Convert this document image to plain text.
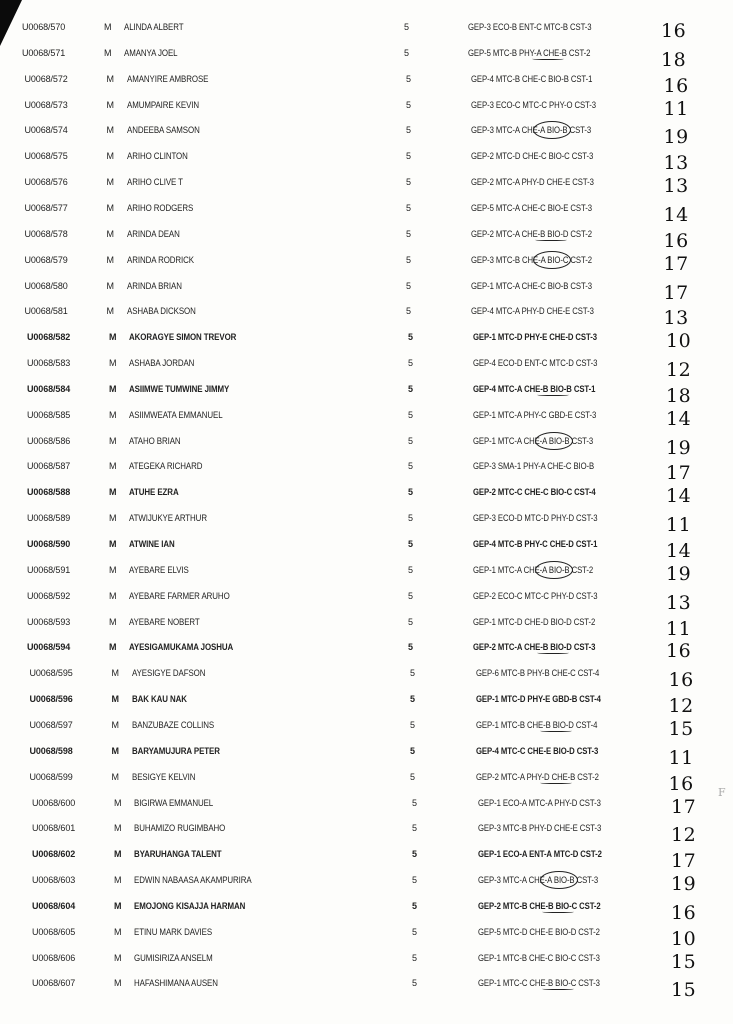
U0068/570	M	ALINDA ALBERT	5	GEP-3 ECO-B ENT-C MTC-B CST-3	16
U0068/571	M	AMANYA JOEL	5	GEP-5 MTC-B PHY-A CHE-B CST-2	18
U0068/572	M	AMANYIRE AMBROSE	5	GEP-4 MTC-B CHE-C BIO-B CST-1	16
U0068/573	M	AMUMPAIRE KEVIN	5	GEP-3 ECO-C MTC-C PHY-O CST-3	11
U0068/574	M	ANDEEBA SAMSON	5	GEP-3 MTC-A CHE-A BIO-B CST-3	19
U0068/575	M	ARIHO CLINTON	5	GEP-2 MTC-D CHE-C BIO-C CST-3	13
U0068/576	M	ARIHO CLIVE T	5	GEP-2 MTC-A PHY-D CHE-E CST-3	13
U0068/577	M	ARIHO RODGERS	5	GEP-5 MTC-A CHE-C BIO-E CST-3	14
U0068/578	M	ARINDA DEAN	5	GEP-2 MTC-A CHE-B BIO-D CST-2	16
U0068/579	M	ARINDA RODRICK	5	GEP-3 MTC-B CHE-A BIO-C CST-2	17
U0068/580	M	ARINDA BRIAN	5	GEP-1 MTC-A CHE-C BIO-B CST-3	17
U0068/581	M	ASHABA DICKSON	5	GEP-4 MTC-A PHY-D CHE-E CST-3	13
U0068/582	M	AKORAGYE SIMON TREVOR	5	GEP-1 MTC-D PHY-E CHE-D CST-3	10
U0068/583	M	ASHABA JORDAN	5	GEP-4 ECO-D ENT-C MTC-D CST-3	12
U0068/584	M	ASIIMWE TUMWINE JIMMY	5	GEP-4 MTC-A CHE-B BIO-B CST-1	18
U0068/585	M	ASIIMWEATA EMMANUEL	5	GEP-1 MTC-A PHY-C GBD-E CST-3	14
U0068/586	M	ATAHO BRIAN	5	GEP-1 MTC-A CHE-A BIO-B CST-3	19
U0068/587	M	ATEGEKA RICHARD	5	GEP-3 SMA-1 PHY-A CHE-C BIO-B	17
U0068/588	M	ATUHE EZRA	5	GEP-2 MTC-C CHE-C BIO-C CST-4	14
U0068/589	M	ATWIJUKYE ARTHUR	5	GEP-3 ECO-D MTC-D PHY-D CST-3	11
U0068/590	M	ATWINE IAN	5	GEP-4 MTC-B PHY-C CHE-D CST-1	14
U0068/591	M	AYEBARE ELVIS	5	GEP-1 MTC-A CHE-A BIO-B CST-2	19
U0068/592	M	AYEBARE FARMER ARUHO	5	GEP-2 ECO-C MTC-C PHY-D CST-3	13
U0068/593	M	AYEBARE NOBERT	5	GEP-1 MTC-D CHE-D BIO-D CST-2	11
U0068/594	M	AYESIGAMUKAMA JOSHUA	5	GEP-2 MTC-A CHE-B BIO-D CST-3	16
U0068/595	M	AYESIGYE DAFSON	5	GEP-6 MTC-B PHY-B CHE-C CST-4	16
U0068/596	M	BAK KAU NAK	5	GEP-1 MTC-D PHY-E GBD-B CST-4	12
U0068/597	M	BANZUBAZE COLLINS	5	GEP-1 MTC-B CHE-B BIO-D CST-4	15
U0068/598	M	BARYAMUJURA PETER	5	GEP-4 MTC-C CHE-E BIO-D CST-3	11
U0068/599	M	BESIGYE KELVIN	5	GEP-2 MTC-A PHY-D CHE-B CST-2	16
U0068/600	M	BIGIRWA EMMANUEL	5	GEP-1 ECO-A MTC-A PHY-D CST-3	17
U0068/601	M	BUHAMIZO RUGIMBAHO	5	GEP-3 MTC-B PHY-D CHE-E CST-3	12
U0068/602	M	BYARUHANGA TALENT	5	GEP-1 ECO-A ENT-A MTC-D CST-2	17
U0068/603	M	EDWIN NABAASA AKAMPURIRA	5	GEP-3 MTC-A CHE-A BIO-B CST-3	19
U0068/604	M	EMOJONG KISAJJA HARMAN	5	GEP-2 MTC-B CHE-B BIO-C CST-2	16
U0068/605	M	ETINU MARK DAVIES	5	GEP-5 MTC-D CHE-E BIO-D CST-2	10
U0068/606	M	GUMISIRIZA ANSELM	5	GEP-1 MTC-B CHE-C BIO-C CST-3	15
U0068/607	M	HAFASHIMANA AUSEN	5	GEP-1 MTC-C CHE-B BIO-C CST-3	15
F
